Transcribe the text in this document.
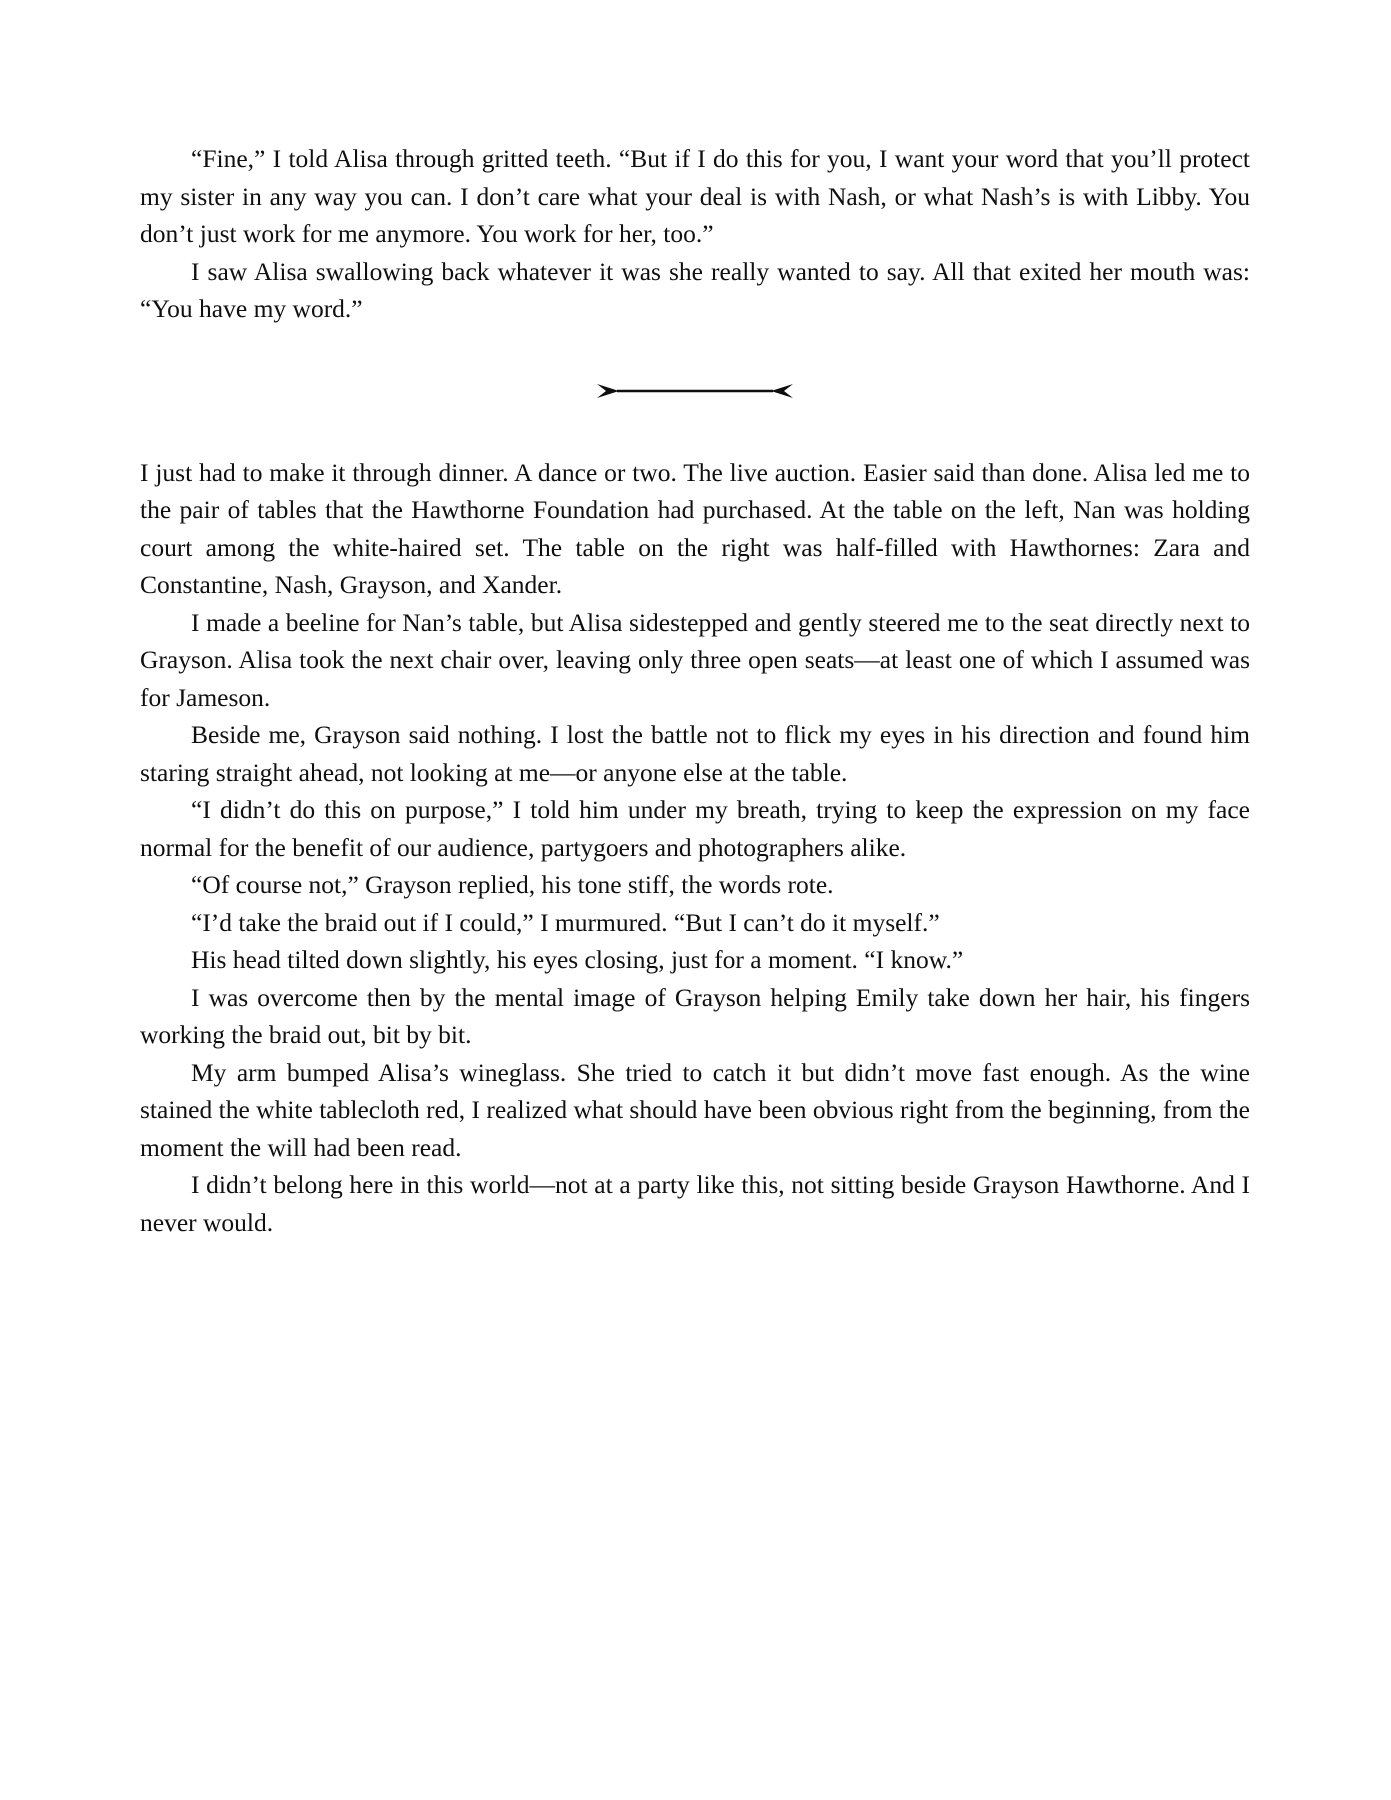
“Fine,” I told Alisa through gritted teeth. “But if I do this for you, I want your word that you’ll protect my sister in any way you can. I don’t care what your deal is with Nash, or what Nash’s is with Libby. You don’t just work for me anymore. You work for her, too.”

I saw Alisa swallowing back whatever it was she really wanted to say. All that exited her mouth was: “You have my word.”

I just had to make it through dinner. A dance or two. The live auction. Easier said than done. Alisa led me to the pair of tables that the Hawthorne Foundation had purchased. At the table on the left, Nan was holding court among the white-haired set. The table on the right was half-filled with Hawthornes: Zara and Constantine, Nash, Grayson, and Xander.

I made a beeline for Nan’s table, but Alisa sidestepped and gently steered me to the seat directly next to Grayson. Alisa took the next chair over, leaving only three open seats—at least one of which I assumed was for Jameson.

Beside me, Grayson said nothing. I lost the battle not to flick my eyes in his direction and found him staring straight ahead, not looking at me—or anyone else at the table.

“I didn’t do this on purpose,” I told him under my breath, trying to keep the expression on my face normal for the benefit of our audience, partygoers and photographers alike.

“Of course not,” Grayson replied, his tone stiff, the words rote.

“I’d take the braid out if I could,” I murmured. “But I can’t do it myself.”

His head tilted down slightly, his eyes closing, just for a moment. “I know.”

I was overcome then by the mental image of Grayson helping Emily take down her hair, his fingers working the braid out, bit by bit.

My arm bumped Alisa’s wineglass. She tried to catch it but didn’t move fast enough. As the wine stained the white tablecloth red, I realized what should have been obvious right from the beginning, from the moment the will had been read.

I didn’t belong here in this world—not at a party like this, not sitting beside Grayson Hawthorne. And I never would.
